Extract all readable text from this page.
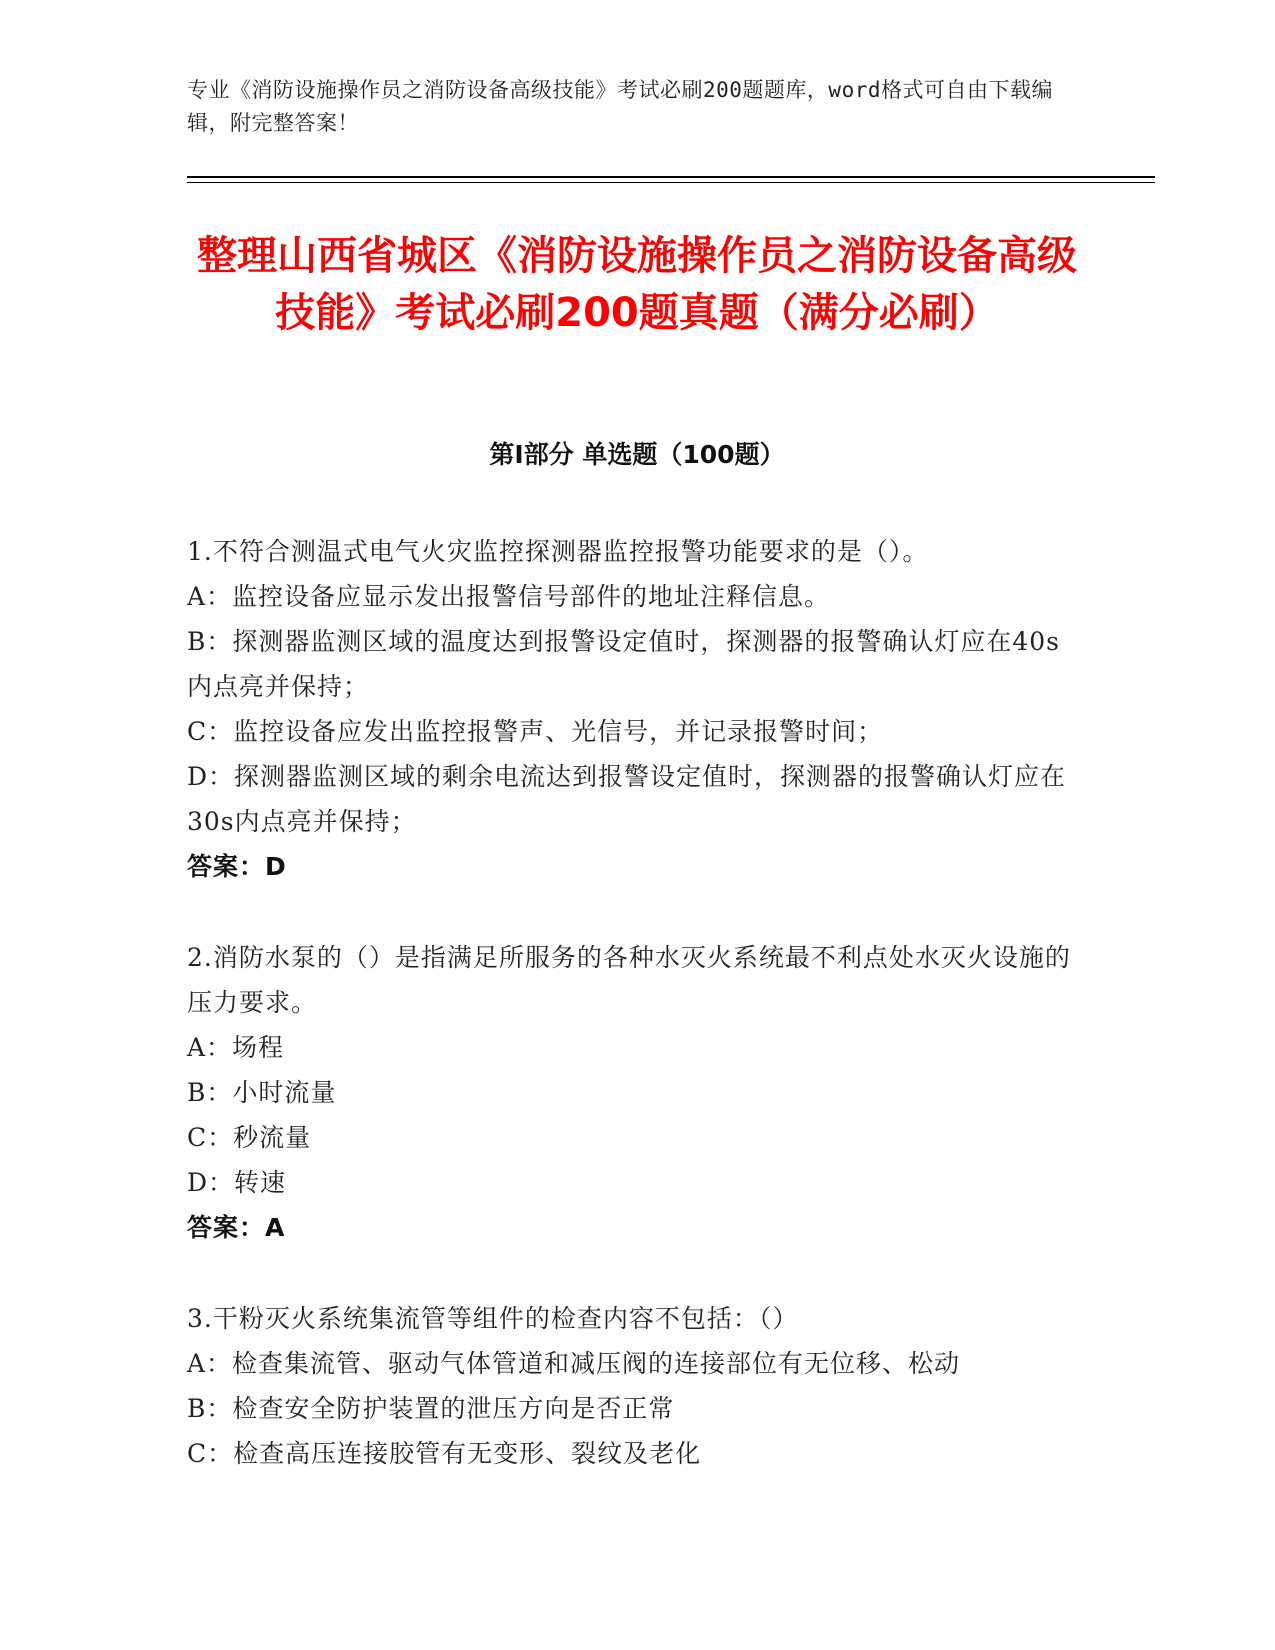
专业《消防设施操作员之消防设备高级技能》考试必刷200题题库，word格式可自由下载编辑，附完整答案！
整理山西省城区《消防设施操作员之消防设备高级技能》考试必刷200题真题（满分必刷）
第I部分 单选题（100题）

1.不符合测温式电气火灾监控探测器监控报警功能要求的是（）。

A：监控设备应显示发出报警信号部件的地址注释信息。

B：探测器监测区域的温度达到报警设定值时，探测器的报警确认灯应在40s内点亮并保持；

C：监控设备应发出监控报警声、光信号，并记录报警时间；

D：探测器监测区域的剩余电流达到报警设定值时，探测器的报警确认灯应在30s内点亮并保持；

答案：D

2.消防水泵的（）是指满足所服务的各种水灭火系统最不利点处水灭火设施的压力要求。

A：场程

B：小时流量

C：秒流量

D：转速

答案：A

3.干粉灭火系统集流管等组件的检查内容不包括：（）

A：检查集流管、驱动气体管道和减压阀的连接部位有无位移、松动

B：检查安全防护装置的泄压方向是否正常

C：检查高压连接胶管有无变形、裂纹及老化
